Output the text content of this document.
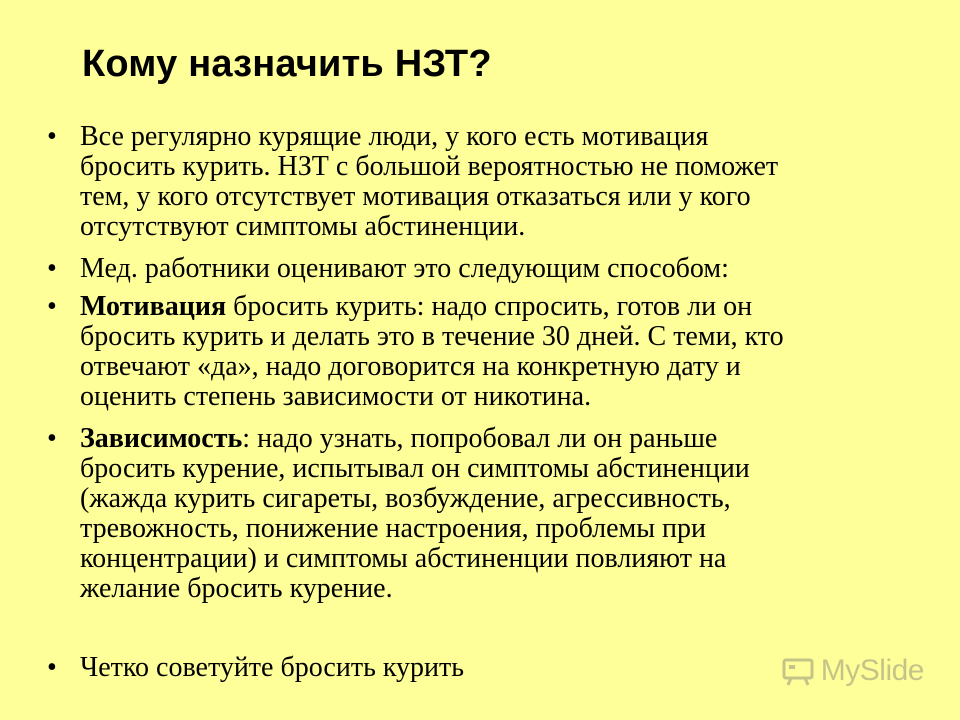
Кому назначить НЗТ?
• Все регулярно курящие люди, у кого есть мотивация
бросить курить. НЗТ с большой вероятностью не поможет
тем, у кого отсутствует мотивация отказаться или у кого
отсутствуют симптомы абстиненции.
• Мед. работники оценивают это следующим способом:
• Мотивация бросить курить: надо спросить, готов ли он
бросить курить и делать это в течение 30 дней. С теми, кто
отвечают «да», надо договорится на конкретную дату и
оценить степень зависимости от никотина.
• Зависимость: надо узнать, попробовал ли он раньше
бросить курение, испытывал он симптомы абстиненции
(жажда курить сигареты, возбуждение, агрессивность,
тревожность, понижение настроения, проблемы при
концентрации) и симптомы абстиненции повлияют на
желание бросить курение.
• Четко советуйте бросить курить	MySlide
